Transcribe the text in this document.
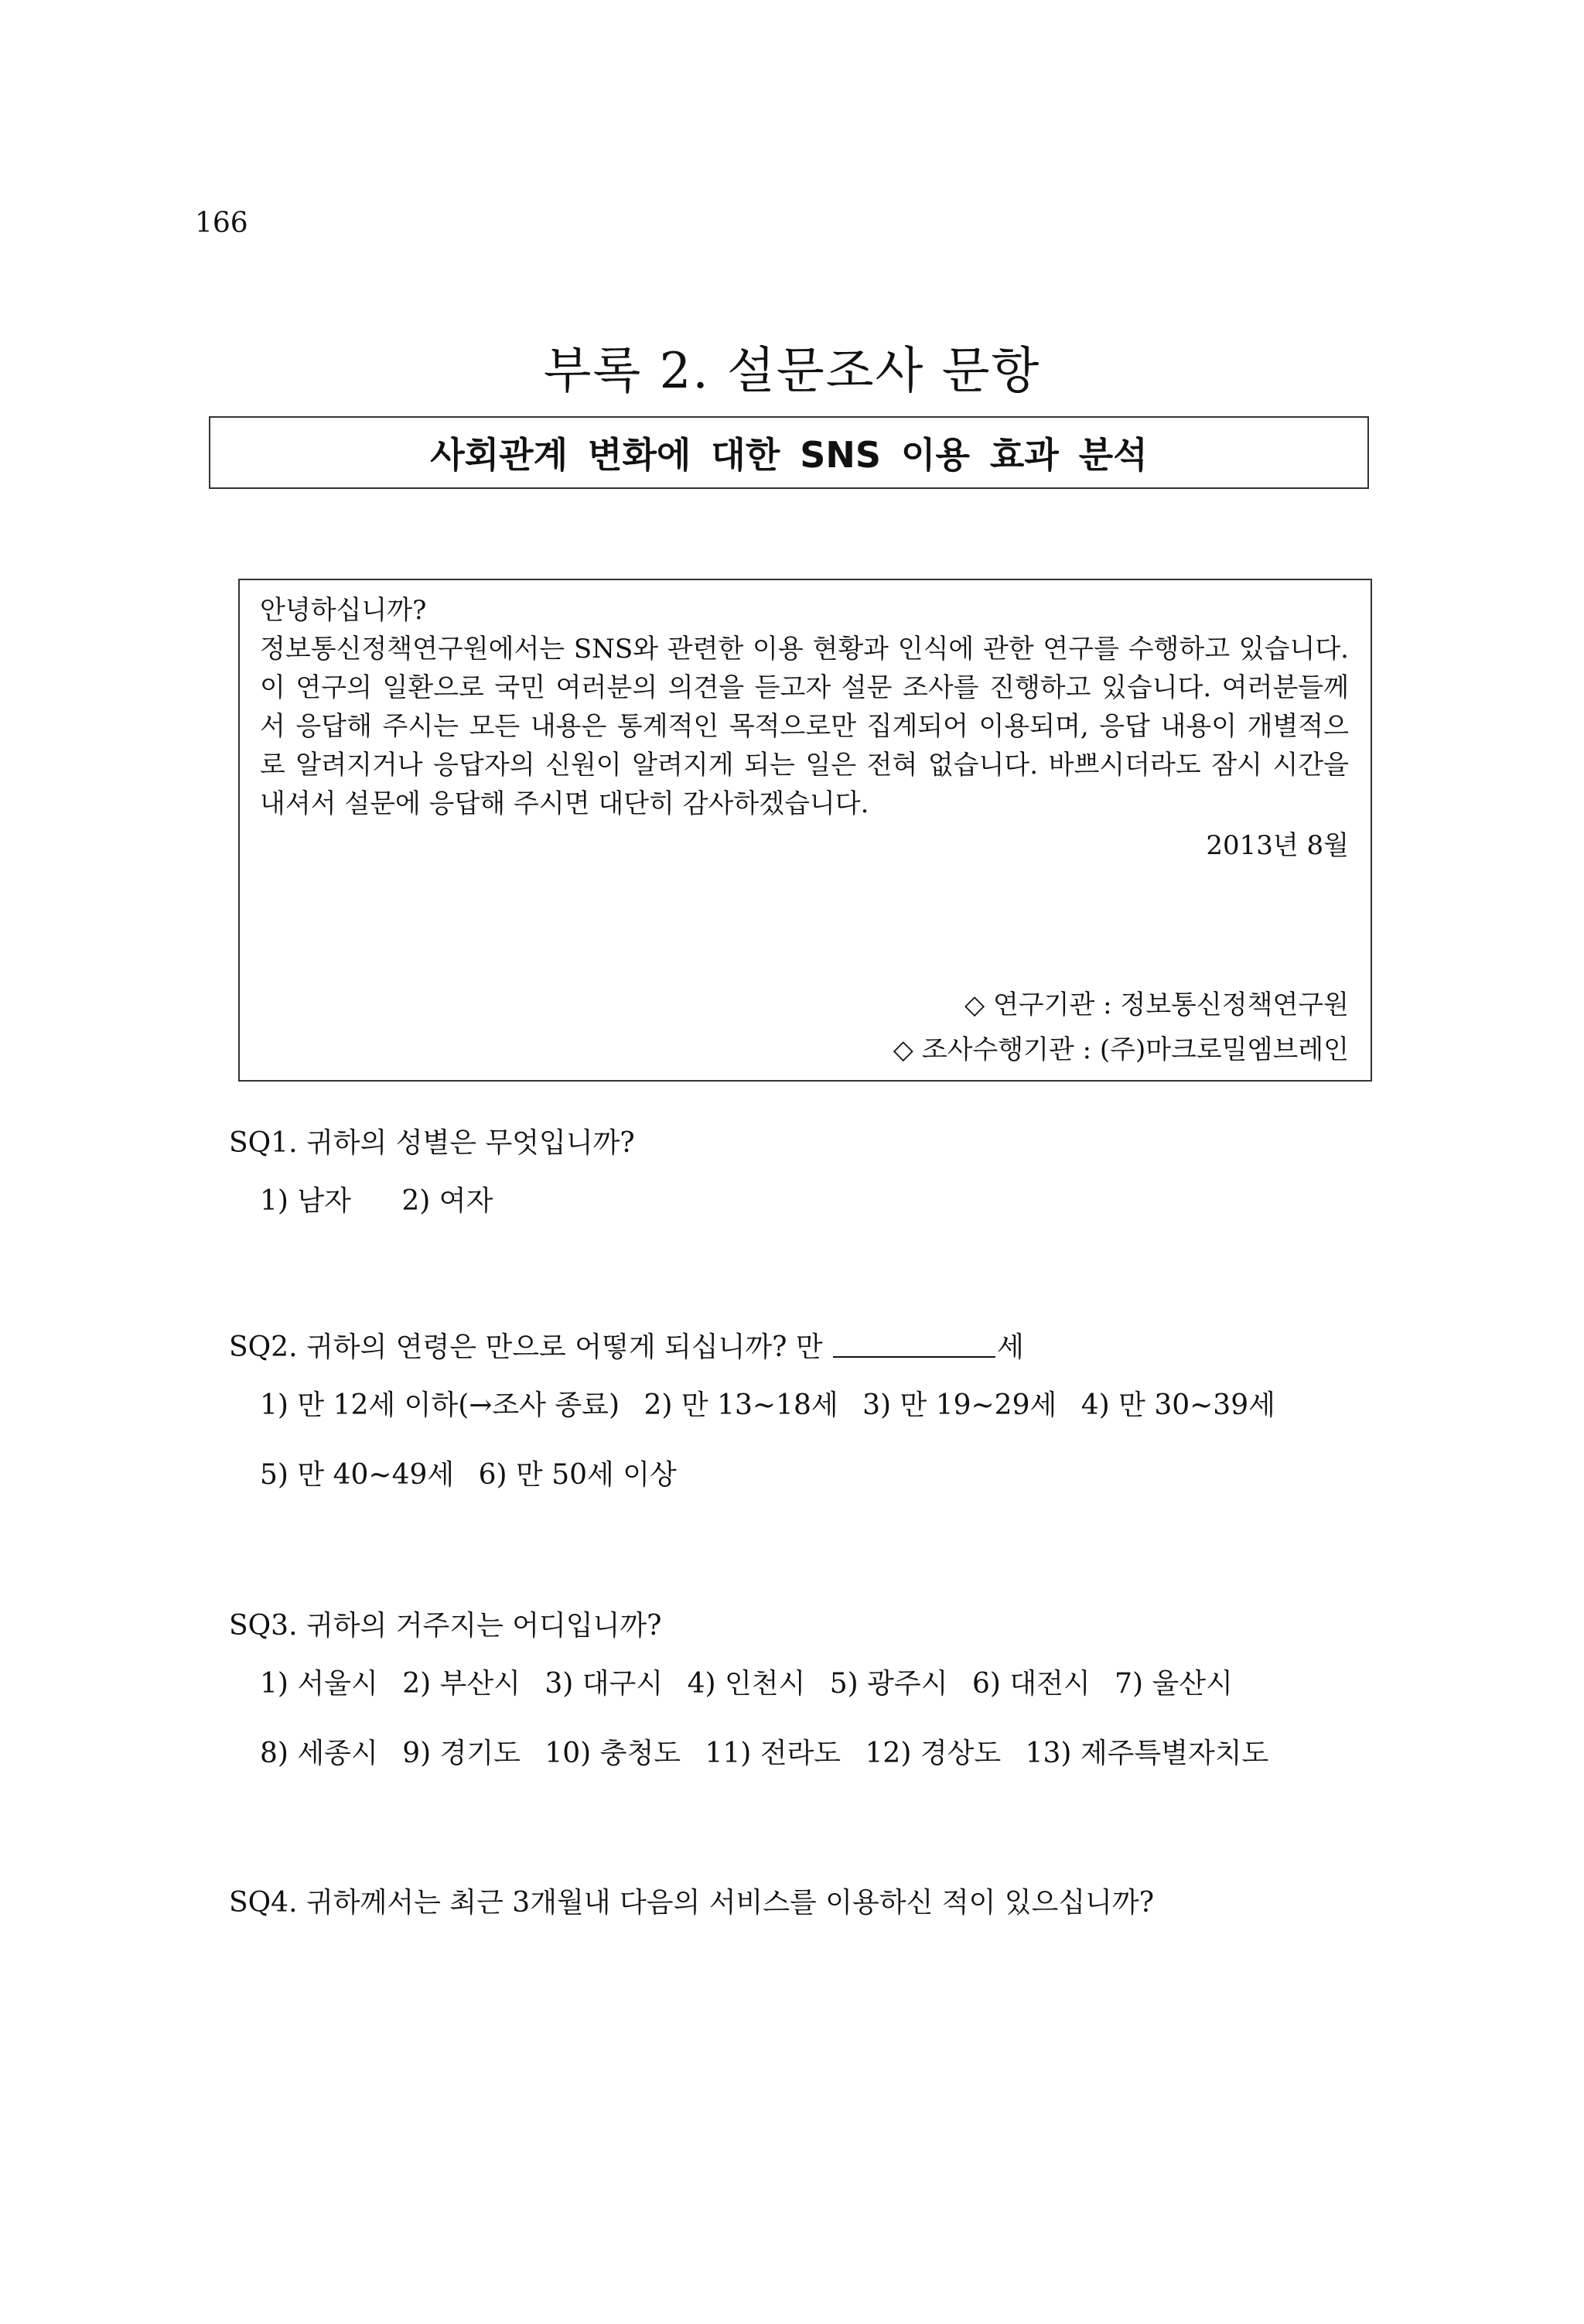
166
부록 2. 설문조사 문항
사회관계 변화에 대한 SNS 이용 효과 분석

안녕하십니까?

정보통신정책연구원에서는 SNS와 관련한 이용 현황과 인식에 관한 연구를 수행하고 있습니다. 이 연구의 일환으로 국민 여러분의 의견을 듣고자 설문 조사를 진행하고 있습니다. 여러분들께서 응답해 주시는 모든 내용은 통계적인 목적으로만 집계되어 이용되며, 응답 내용이 개별적으로 알려지거나 응답자의 신원이 알려지게 되는 일은 전혀 없습니다. 바쁘시더라도 잠시 시간을 내셔서 설문에 응답해 주시면 대단히 감사하겠습니다.

2013년 8월
◇ 연구기관 : 정보통신정책연구원
◇ 조사수행기관 : (주)마크로밀엠브레인
SQ1. 귀하의 성별은 무엇입니까?
1) 남자 2) 여자
SQ2. 귀하의 연령은 만으로 어떻게 되십니까? 만	세
1) 만 12세 이하(→조사 종료) 2) 만 13~18세 3) 만 19~29세 4) 만 30~39세
5) 만 40~49세 6) 만 50세 이상
SQ3. 귀하의 거주지는 어디입니까?
1) 서울시 2) 부산시 3) 대구시 4) 인천시 5) 광주시 6) 대전시 7) 울산시
8) 세종시 9) 경기도 10) 충청도 11) 전라도 12) 경상도 13) 제주특별자치도
SQ4. 귀하께서는 최근 3개월내 다음의 서비스를 이용하신 적이 있으십니까?
